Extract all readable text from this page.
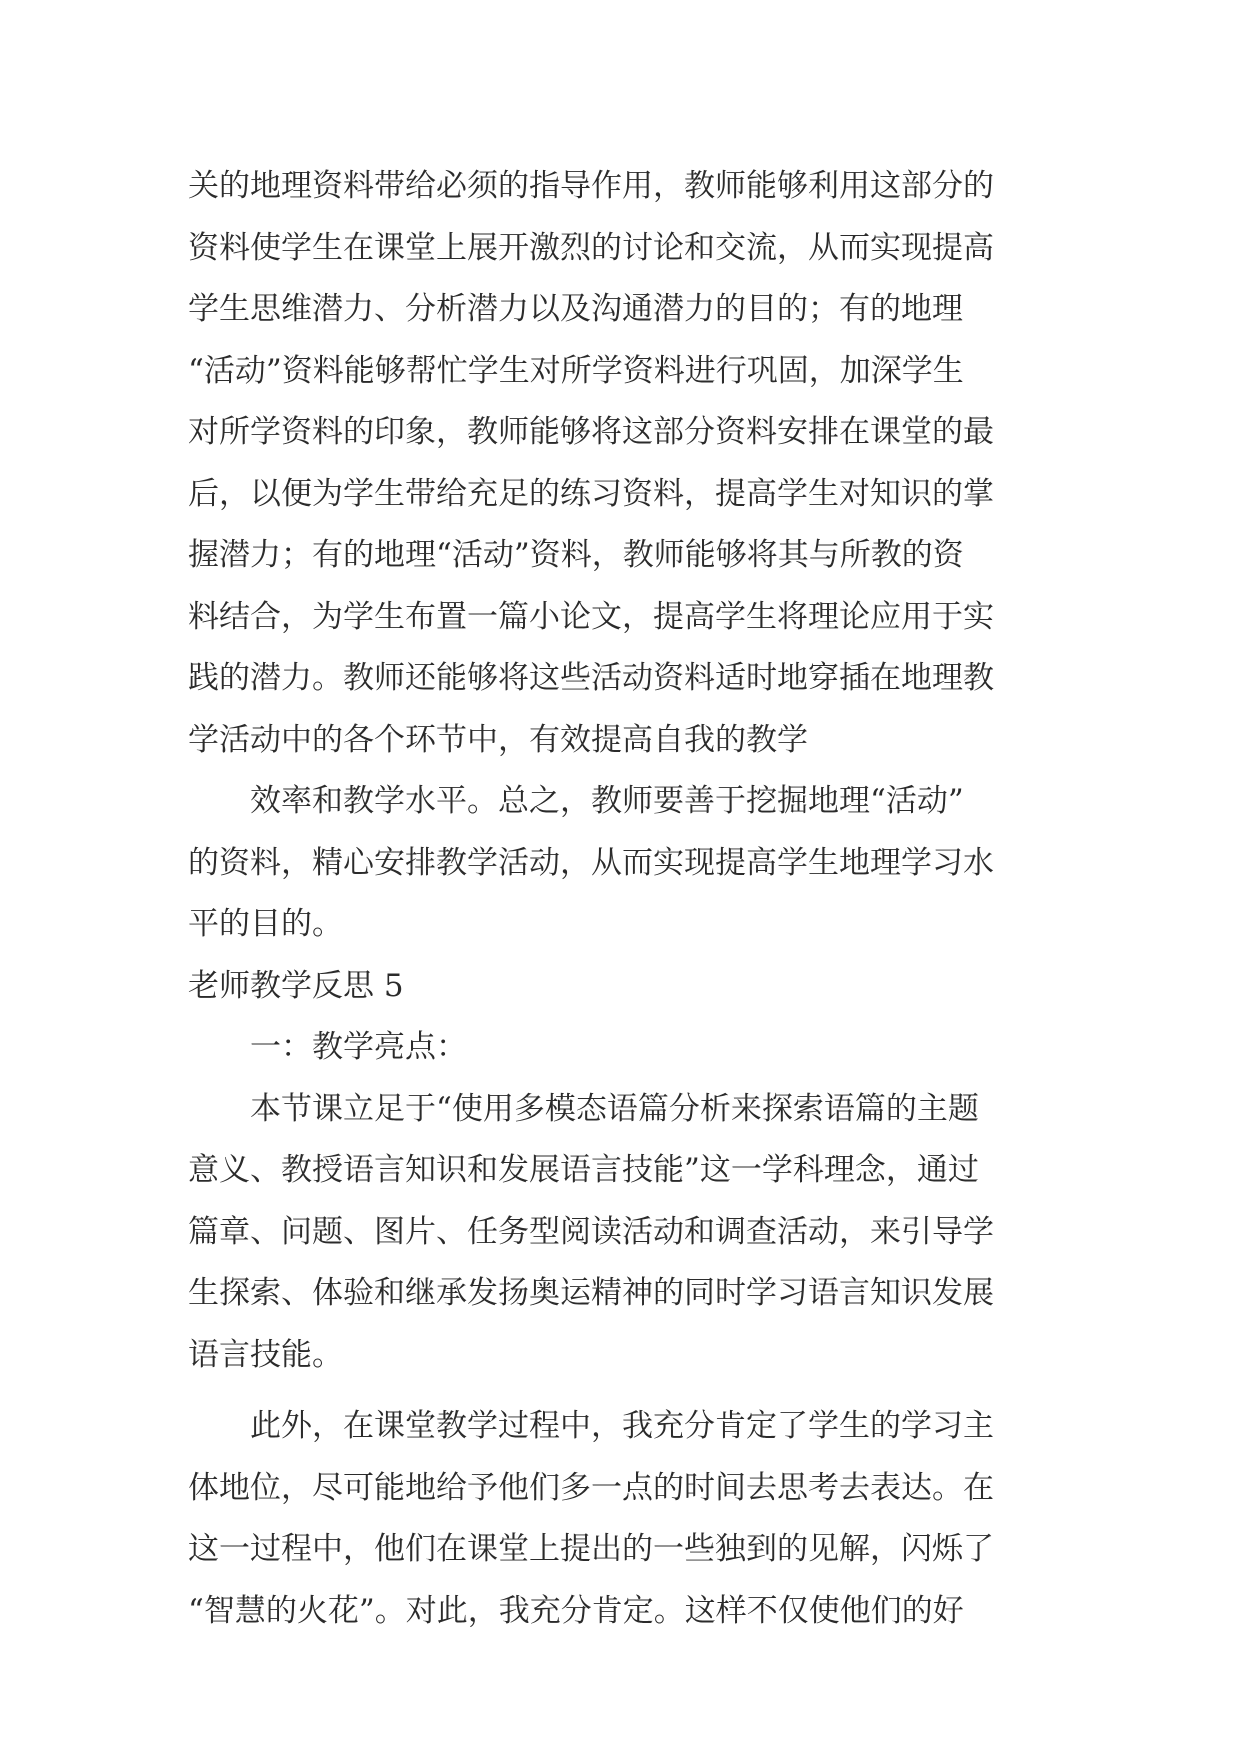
关的地理资料带给必须的指导作用，教师能够利用这部分的

资料使学生在课堂上展开激烈的讨论和交流，从而实现提高

学生思维潜力、分析潜力以及沟通潜力的目的；有的地理

“活动”资料能够帮忙学生对所学资料进行巩固，加深学生

对所学资料的印象，教师能够将这部分资料安排在课堂的最

后，以便为学生带给充足的练习资料，提高学生对知识的掌

握潜力；有的地理“活动”资料，教师能够将其与所教的资

料结合，为学生布置一篇小论文，提高学生将理论应用于实

践的潜力。教师还能够将这些活动资料适时地穿插在地理教

学活动中的各个环节中，有效提高自我的教学

　　效率和教学水平。总之，教师要善于挖掘地理“活动”

的资料，精心安排教学活动，从而实现提高学生地理学习水

平的目的。

老师教学反思 5

　　一：教学亮点：

　　本节课立足于“使用多模态语篇分析来探索语篇的主题

意义、教授语言知识和发展语言技能”这一学科理念，通过

篇章、问题、图片、任务型阅读活动和调查活动，来引导学

生探索、体验和继承发扬奥运精神的同时学习语言知识发展

语言技能。

　　此外，在课堂教学过程中，我充分肯定了学生的学习主

体地位，尽可能地给予他们多一点的时间去思考去表达。在

这一过程中，他们在课堂上提出的一些独到的见解，闪烁了

“智慧的火花”。对此，我充分肯定。这样不仅使他们的好
